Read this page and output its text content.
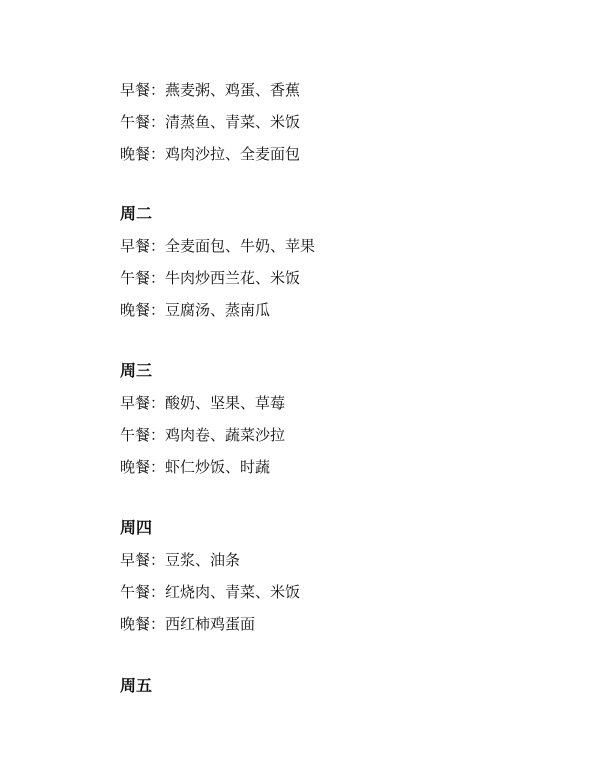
早餐：燕麦粥、鸡蛋、香蕉
午餐：清蒸鱼、青菜、米饭
晚餐：鸡肉沙拉、全麦面包
周二
早餐：全麦面包、牛奶、苹果
午餐：牛肉炒西兰花、米饭
晚餐：豆腐汤、蒸南瓜
周三
早餐：酸奶、坚果、草莓
午餐：鸡肉卷、蔬菜沙拉
晚餐：虾仁炒饭、时蔬
周四
早餐：豆浆、油条
午餐：红烧肉、青菜、米饭
晚餐：西红柿鸡蛋面
周五
